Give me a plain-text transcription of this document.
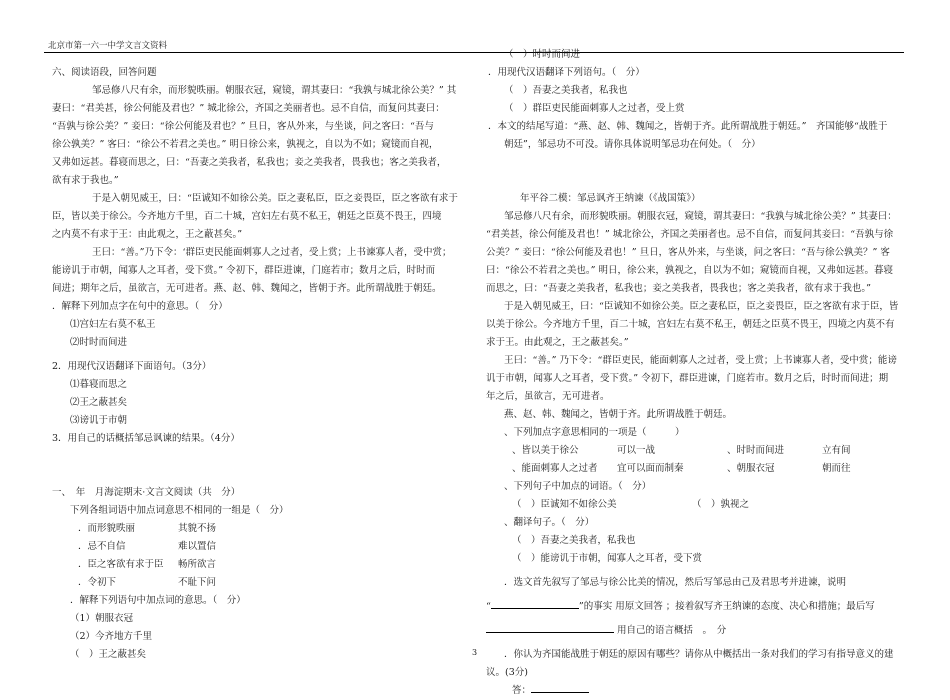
北京市第一六一中学文言文资料

六、阅读语段，回答问题

邹忌修八尺有余，而形貌昳丽。朝服衣冠，窥镜，谓其妻曰：“我孰与城北徐公美？” 其

妻曰：“君美甚，徐公何能及君也？” 城北徐公，齐国之美丽者也。忌不自信，而复问其妻曰：

“吾孰与徐公美？” 妾曰：“徐公何能及君也？” 旦日，客从外来，与坐谈，问之客曰：“吾与

徐公孰美？” 客曰：“徐公不若君之美也。” 明日徐公来，孰视之，自以为不如；窥镜而自视，

又弗如远甚。暮寝而思之，曰：“吾妻之美我者，私我也；妾之美我者，畏我也；客之美我者，

欲有求于我也。”

于是入朝见威王，曰：“臣诚知不如徐公美。臣之妻私臣，臣之妾畏臣，臣之客欲有求于

臣，皆以美于徐公。今齐地方千里，百二十城，宫妇左右莫不私王，朝廷之臣莫不畏王，四境

之内莫不有求于王：由此观之，王之蔽甚矣。”

王曰：“善。”乃下令：‘群臣吏民能面刺寡人之过者，受上赏；上书谏寡人者，受中赏；

能谤讥于市朝，闻寡人之耳者，受下赏。” 令初下，群臣进谏，门庭若市；数月之后，时时而

间进；期年之后，虽欲言，无可进者。燕、赵、韩、魏闻之，皆朝于齐。此所谓战胜于朝廷。

．解释下列加点字在句中的意思。（　分）

⑴宫妇左右莫不私王

⑵时时而间进

2．用现代汉语翻译下面语句。（3分）

⑴暮寝而思之

⑵王之蔽甚矣

⑶谤讥于市朝

3．用自己的话概括邹忌讽谏的结果。（4分）

一、　年　月海淀期末·文言文阅读（共　分）

下列各组词语中加点词意思不相同的一组是（　分）

．而形貌昳丽	其貌不扬

．忌不自信	难以置信

．臣之客欲有求于臣 畅所欲言

．令初下	不耻下问

．解释下列语句中加点词的意思。（　分）

（1）朝服衣冠

（2）今齐地方千里

（　）王之蔽甚矣

（　）时时而间进

．用现代汉语翻译下列语句。（　分）

（　）吾妻之美我者，私我也

（　）群臣吏民能面刺寡人之过者，受上赏

．本文的结尾写道：“燕、赵、韩、魏闻之，皆朝于齐。此所谓战胜于朝廷。”　齐国能够“战胜于

朝廷”，邹忌功不可没。请你具体说明邹忌功在何处。（　分）

年平谷二模：邹忌讽齐王纳谏（《战国策》）

邹忌修八尺有余，而形貌昳丽。朝服衣冠，窥镜，谓其妻曰：“我孰与城北徐公美？” 其妻曰：

“君美甚，徐公何能及君也！” 城北徐公，齐国之美丽者也。忌不自信，而复问其妾曰：“吾孰与徐

公美？” 妾曰：“徐公何能及君也！” 旦日，客从外来，与坐谈，问之客曰：“吾与徐公孰美？” 客

曰：“徐公不若君之美也。” 明日，徐公来，孰视之，自以为不如；窥镜而自视，又弗如远甚。暮寝

而思之，曰：“吾妻之美我者，私我也；妾之美我者，畏我也；客之美我者，欲有求于我也。”

于是入朝见威王，曰：“臣诚知不如徐公美。臣之妻私臣，臣之妾畏臣，臣之客欲有求于臣，皆

以美于徐公。今齐地方千里，百二十城，宫妇左右莫不私王，朝廷之臣莫不畏王，四境之内莫不有

求于王。由此观之，王之蔽甚矣。”

王曰：“善。” 乃下令：“群臣吏民，能面刺寡人之过者，受上赏；上书谏寡人者，受中赏；能谤

讥于市朝，闻寡人之耳者，受下赏。” 令初下，群臣进谏，门庭若市。数月之后，时时而间进；期

年之后，虽欲言，无可进者。

燕、赵、韩、魏闻之，皆朝于齐。此所谓战胜于朝廷。

、下列加点字意思相同的一项是（　　　）

、皆以美于徐公	可以一战	、时时而间进	立有间

、能面刺寡人之过者 宜可以面而制秦	、朝服衣冠	朝而往

、下列句子中加点的词语。（　分）

（　）臣诚知不如徐公美	（　）孰视之

、翻译句子。（　分）

（　）吾妻之美我者，私我也

（　）能谤讥于市朝，闻寡人之耳者，受下赏

．选文首先叙写了邹忌与徐公比美的情况，然后写邹忌由己及君思考并进谏，说明

“	”的事实 用原文回答 ；接着叙写齐王纳谏的态度、决心和措施；最后写

用自己的语言概括　。　分

．你认为齐国能战胜于朝廷的原因有哪些？请你从中概括出一条对我们的学习有指导意义的建

议。(3分)

答：

3
